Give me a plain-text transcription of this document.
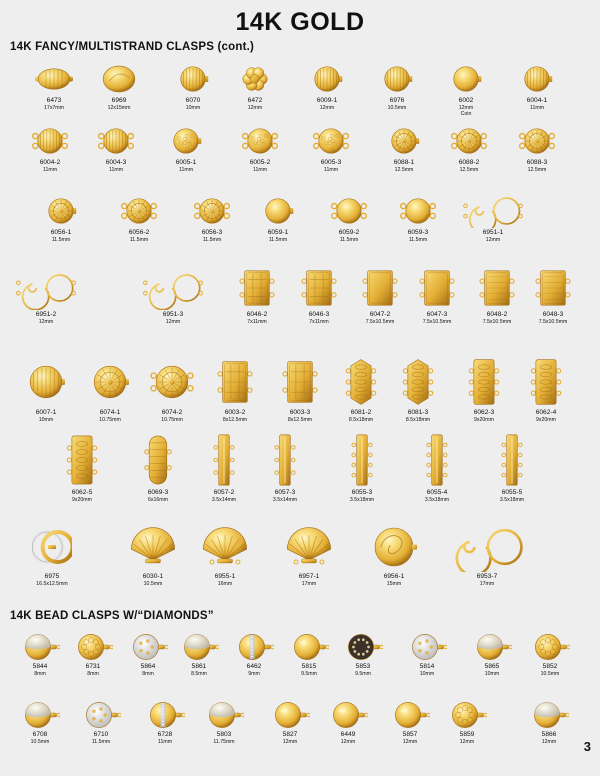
14K GOLD
14K FANCY/MULTISTRAND CLASPS (cont.)
14K BEAD CLASPS W/“DIAMONDS”
6473
17x7mm
6969
12x15mm
6070
10mm
6472
12mm
6009-1
12mm
6976
10.5mm
6002
12mm
Coin
6004-1
11mm
6004-2
11mm
6004-3
11mm
6005-1
11mm
6005-2
11mm
6005-3
11mm
6088-1
12.5mm
6088-2
12.5mm
6088-3
12.5mm
6056-1
11.5mm
6056-2
11.5mm
6056-3
11.5mm
6059-1
11.5mm
6059-2
11.5mm
6059-3
11.5mm
6951-1
12mm
6951-2
12mm
6951-3
12mm
6046-2
7x11mm
6046-3
7x11mm
6047-2
7.5x10.5mm
6047-3
7.5x10.5mm
6048-2
7.5x10.5mm
6048-3
7.5x10.5mm
6007-1
10mm
6074-1
10.75mm
6074-2
10.75mm
6003-2
8x12.5mm
6003-3
8x12.5mm
6081-2
8.5x18mm
6081-3
8.5x18mm
6062-3
9x20mm
6062-4
9x20mm
6062-5
9x20mm
6069-3
6x16mm
6057-2
3.5x14mm
6057-3
3.5x14mm
6055-3
3.5x18mm
6055-4
3.5x18mm
6055-5
3.5x18mm
6975
16.5x12.5mm
6030-1
10.5mm
6955-1
16mm
6957-1
17mm
6956-1
15mm
6953-7
17mm
5844
8mm
6731
8mm
5864
8mm
5861
8.5mm
6462
9mm
5815
9.5mm
5853
9.5mm
5814
10mm
5865
10mm
5852
10.5mm
6708
10.5mm
6710
11.5mm
6728
11mm
5803
11.75mm
5827
12mm
6449
12mm
5857
12mm
5859
12mm
5866
12mm 3
